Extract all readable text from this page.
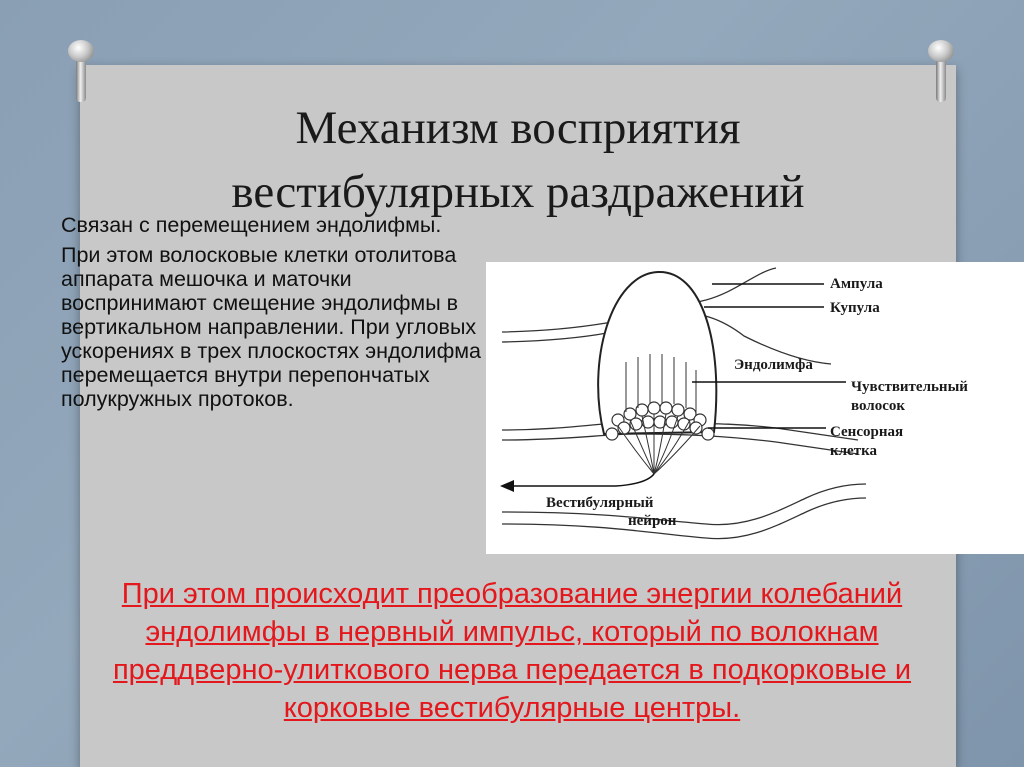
Механизм восприятия
вестибулярных раздражений

Связан с перемещением эндолифмы.

При этом волосковые клетки отолитова аппарата мешочка и маточки воспринимают смещение эндолифмы в вертикальном направлении. При угловых ускорениях в трех плоскостях эндолифма перемещается внутри перепончатых полукружных протоков.

Ампула
Купула
Эндолимфа
Чувствительный
волосок
Сенсорная
клетка
Вестибулярный
нейрон
При этом происходит преобразование энергии колебаний эндолимфы в нервный импульс, который по волокнам преддверно-улиткового нерва передается в подкорковые и корковые вестибулярные центры.
